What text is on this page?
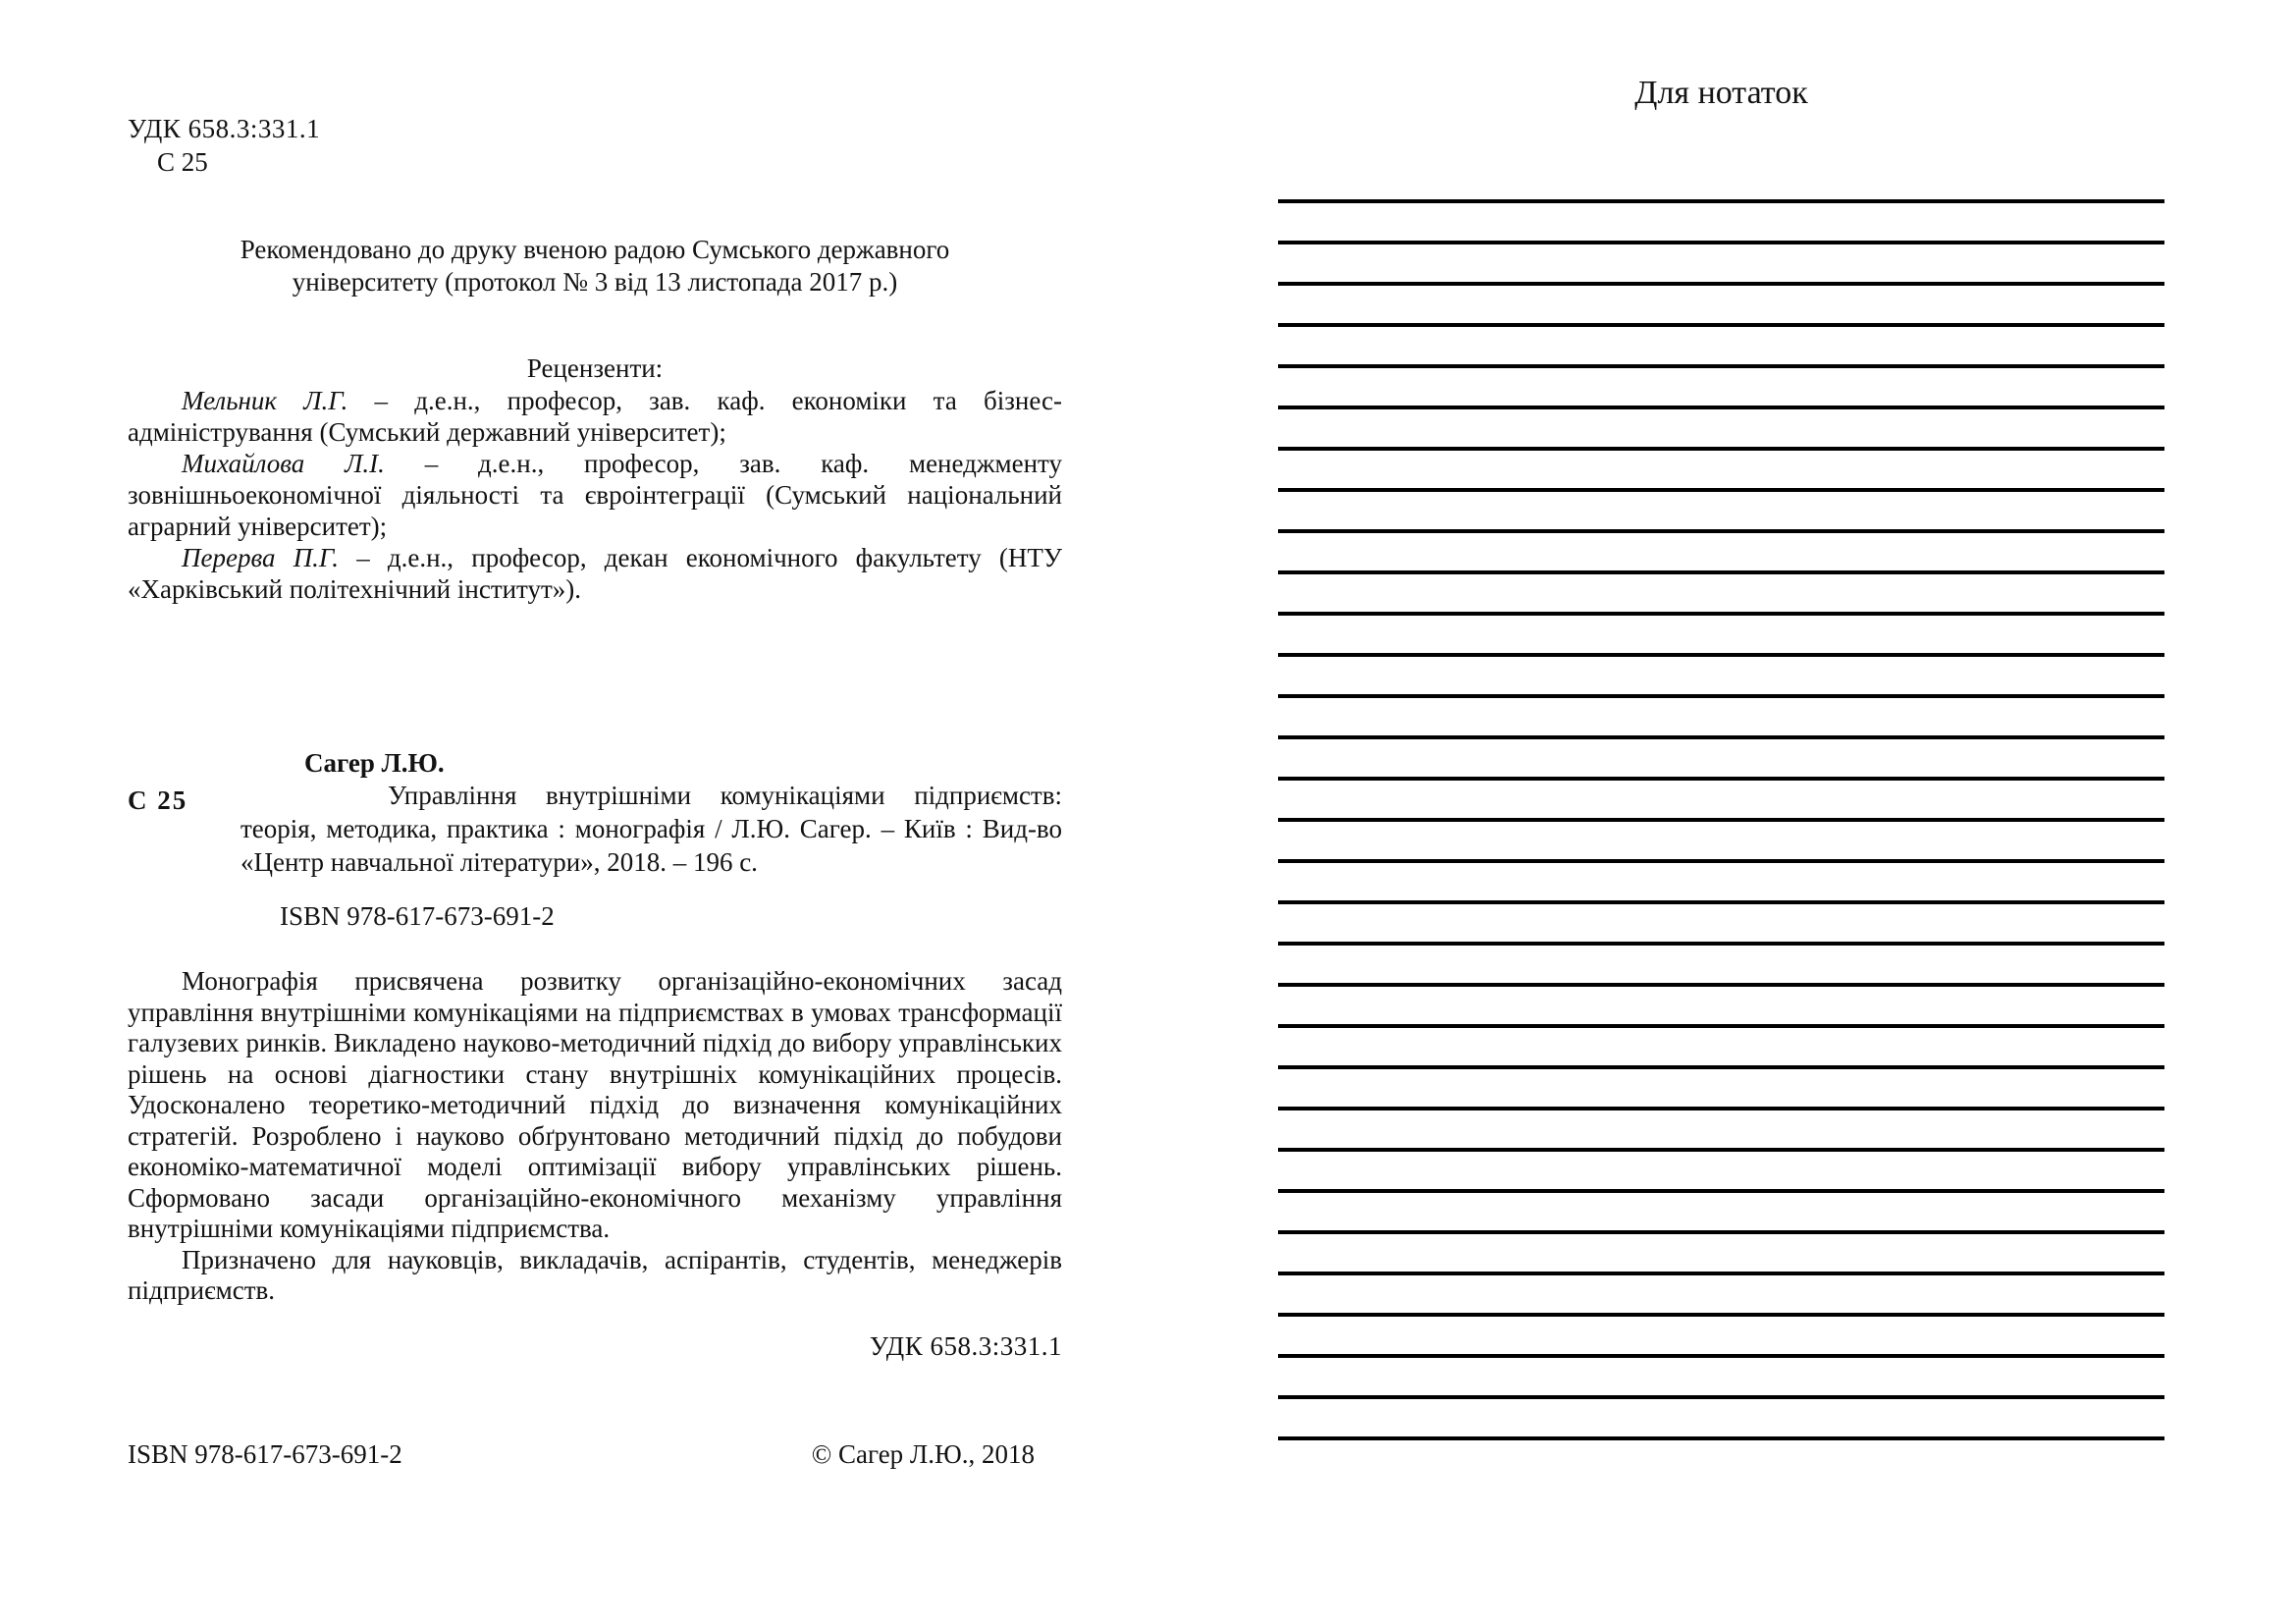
УДК 658.3:331.1
С 25
Рекомендовано до друку вченою радою Сумського державного університету (протокол № 3 від 13 листопада 2017 р.)
Рецензенти:

Мельник Л.Г. – д.е.н., професор, зав. каф. економіки та бізнес-адміністрування (Сумський державний університет);

Михайлова Л.І. – д.е.н., професор, зав. каф. менеджменту зовнішньоекономічної діяльності та євроінтеграції (Сумський національний аграрний університет);

Перерва П.Г. – д.е.н., професор, декан економічного факультету (НТУ «Харківський політехнічний інститут»).

С 25

Сагер Л.Ю.

Управління внутрішніми комунікаціями підприємств: теорія, методика, практика : монографія / Л.Ю. Сагер. – Київ : Вид-во «Центр навчальної літератури», 2018. – 196 с.

ISBN 978-617-673-691-2

Монографія присвячена розвитку організаційно-економічних засад управління внутрішніми комунікаціями на підприємствах в умовах трансформації галузевих ринків. Викладено науково-методичний підхід до вибору управлінських рішень на основі діагностики стану внутрішніх комунікаційних процесів. Удосконалено теоретико-методичний підхід до визначення комунікаційних стратегій. Розроблено і науково обґрунтовано методичний підхід до побудови економіко-математичної моделі оптимізації вибору управлінських рішень. Сформовано засади організаційно-економічного механізму управління внутрішніми комунікаціями підприємства.

Призначено для науковців, викладачів, аспірантів, студентів, менеджерів підприємств.

УДК 658.3:331.1
ISBN 978-617-673-691-2	© Сагер Л.Ю., 2018
Для нотаток
